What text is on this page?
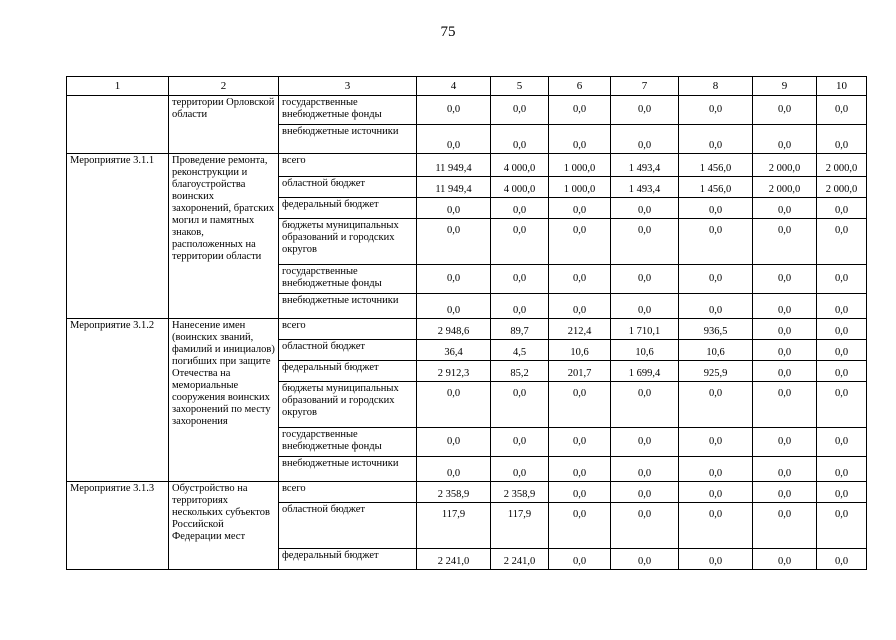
75
1	2	3	4	5	6	7	8	9	10
	территории Орловской области	государственные внебюджетные фонды	0,0	0,0	0,0	0,0	0,0	0,0	0,0
		внебюджетные источники	0,0	0,0	0,0	0,0	0,0	0,0	0,0
Мероприятие 3.1.1	Проведение ремонта, реконструкции и благоустройства воинских захоронений, братских могил и памятных знаков, расположенных на территории области	всего	11 949,4	4 000,0	1 000,0	1 493,4	1 456,0	2 000,0	2 000,0
		областной бюджет	11 949,4	4 000,0	1 000,0	1 493,4	1 456,0	2 000,0	2 000,0
		федеральный бюджет	0,0	0,0	0,0	0,0	0,0	0,0	0,0
		бюджеты муниципальных образований и городских округов	0,0	0,0	0,0	0,0	0,0	0,0	0,0
		государственные внебюджетные фонды	0,0	0,0	0,0	0,0	0,0	0,0	0,0
		внебюджетные источники	0,0	0,0	0,0	0,0	0,0	0,0	0,0
Мероприятие 3.1.2	Нанесение имен (воинских званий, фамилий и инициалов) погибших при защите Отечества на мемориальные сооружения воинских захоронений по месту захоронения	всего	2 948,6	89,7	212,4	1 710,1	936,5	0,0	0,0
		областной бюджет	36,4	4,5	10,6	10,6	10,6	0,0	0,0
		федеральный бюджет	2 912,3	85,2	201,7	1 699,4	925,9	0,0	0,0
		бюджеты муниципальных образований и городских округов	0,0	0,0	0,0	0,0	0,0	0,0	0,0
		государственные внебюджетные фонды	0,0	0,0	0,0	0,0	0,0	0,0	0,0
		внебюджетные источники	0,0	0,0	0,0	0,0	0,0	0,0	0,0
Мероприятие 3.1.3	Обустройство на территориях нескольких субъектов Российской Федерации мест	всего	2 358,9	2 358,9	0,0	0,0	0,0	0,0	0,0
		областной бюджет	117,9	117,9	0,0	0,0	0,0	0,0	0,0
		федеральный бюджет	2 241,0	2 241,0	0,0	0,0	0,0	0,0	0,0
